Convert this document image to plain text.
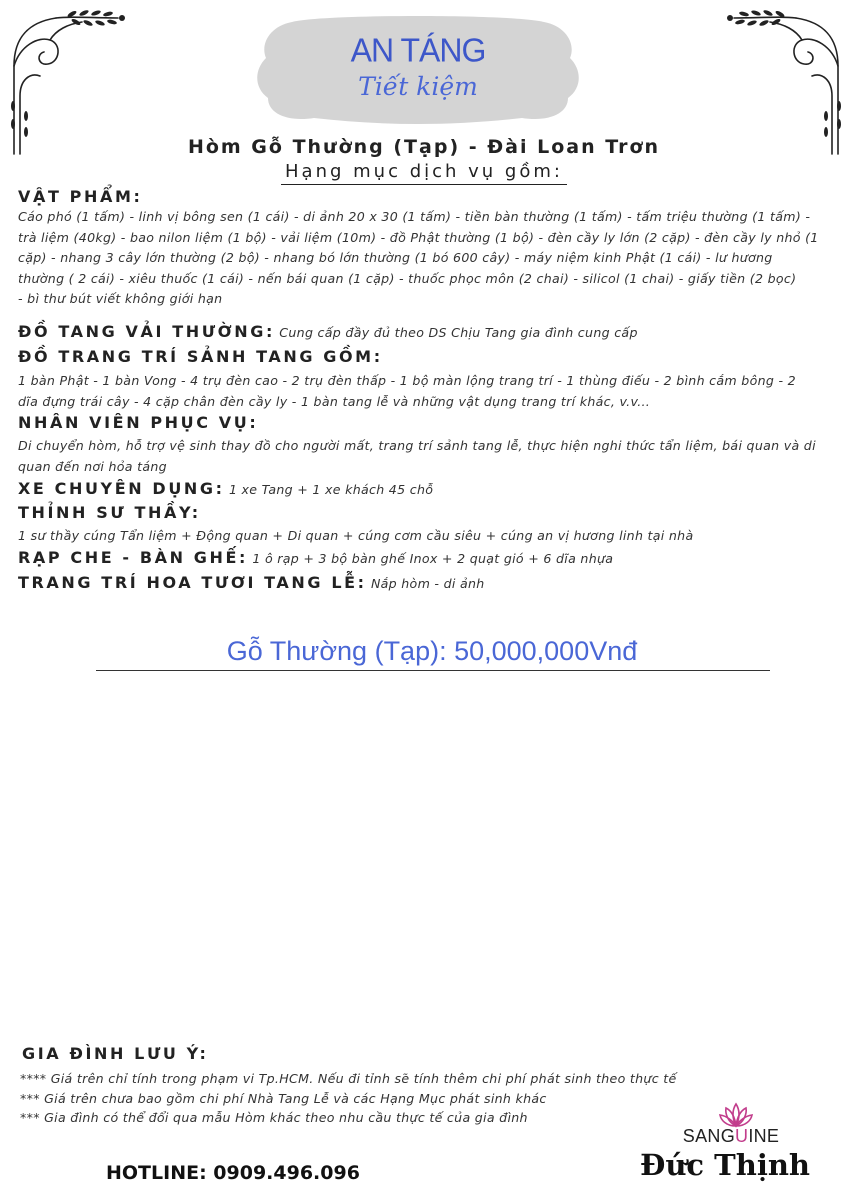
AN TÁNG
Tiết kiệm
Hòm Gỗ Thường (Tạp) - Đài Loan Trơn
Hạng mục dịch vụ gồm:
VẬT PHẨM:
Cáo phó (1 tấm) - linh vị bông sen (1 cái) - di ảnh 20 x 30 (1 tấm) - tiền bàn thường (1 tấm) - tấm triệu thường (1 tấm) -
trà liệm (40kg) - bao nilon liệm (1 bộ) - vải liệm (10m) - đồ Phật thường (1 bộ) - đèn cầy ly lớn (2 cặp) - đèn cầy ly nhỏ (1
cặp) - nhang 3 cây lớn thường (2 bộ) - nhang bó lớn thường (1 bó 600 cây) - máy niệm kinh Phật (1 cái) - lư hương
thường ( 2 cái) - xiêu thuốc (1 cái) - nến bái quan (1 cặp) - thuốc phọc môn (2 chai) - silicol (1 chai) - giấy tiền (2 bọc)
- bì thư bút viết không giới hạn
ĐỒ TANG VẢI THƯỜNG: Cung cấp đầy đủ theo DS Chịu Tang gia đình cung cấp
ĐỒ TRANG TRÍ SẢNH TANG GỒM:
1 bàn Phật - 1 bàn Vong - 4 trụ đèn cao - 2 trụ đèn thấp - 1 bộ màn lộng trang trí - 1 thùng điếu - 2 bình cắm bông - 2
dĩa đựng trái cây - 4 cặp chân đèn cầy ly - 1 bàn tang lễ và những vật dụng trang trí khác, v.v...
NHÂN VIÊN PHỤC VỤ:
Di chuyển hòm, hỗ trợ vệ sinh thay đồ cho người mất, trang trí sảnh tang lễ, thực hiện nghi thức tẩn liệm, bái quan và di
quan đến nơi hỏa táng
XE CHUYÊN DỤNG: 1 xe Tang + 1 xe khách 45 chỗ
THỈNH SƯ THẦY:
1 sư thầy cúng Tẩn liệm + Động quan + Di quan + cúng cơm cầu siêu + cúng an vị hương linh tại nhà
RẠP CHE - BÀN GHẾ: 1 ô rạp + 3 bộ bàn ghế Inox + 2 quạt gió + 6 dĩa nhựa
TRANG TRÍ HOA TƯƠI TANG LỄ: Nắp hòm - di ảnh
Gỗ Thường (Tạp): 50,000,000Vnđ
GIA ĐÌNH LƯU Ý:
**** Giá trên chỉ tính trong phạm vi Tp.HCM. Nếu đi tỉnh sẽ tính thêm chi phí phát sinh theo thực tế
*** Giá trên chưa bao gồm chi phí Nhà Tang Lễ và các Hạng Mục phát sinh khác
*** Gia đình có thể đổi qua mẫu Hòm khác theo nhu cầu thực tế của gia đình
HOTLINE: 0909.496.096
SANGUINE
Đức Thịnh
